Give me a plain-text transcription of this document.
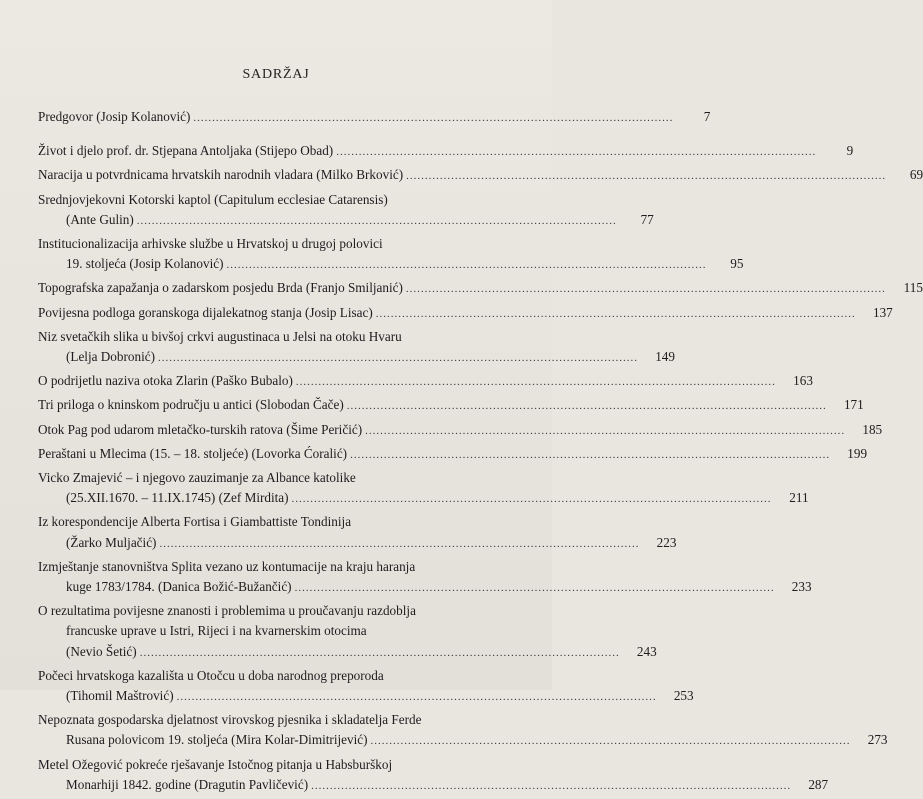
SADRŽAJ
Predgovor (Josip Kolanović) ................................................................................................................................	7
Život i djelo prof. dr. Stjepana Antoljaka (Stijepo Obad) ................................................................................................................................	9
Naracija u potvrdnicama hrvatskih narodnih vladara (Milko Brković) ................................................................................................................................	69
Srednjovjekovni Kotorski kaptol (Capitulum ecclesiae Catarensis)
(Ante Gulin) ................................................................................................................................	77
Institucionalizacija arhivske službe u Hrvatskoj u drugoj polovici
19. stoljeća (Josip Kolanović) ................................................................................................................................	95
Topografska zapažanja o zadarskom posjedu Brda (Franjo Smiljanić) ................................................................................................................................	115
Povijesna podloga goranskoga dijalekatnog stanja (Josip Lisac) ................................................................................................................................	137
Niz svetačkih slika u bivšoj crkvi augustinaca u Jelsi na otoku Hvaru
(Lelja Dobronić) ................................................................................................................................	149
O podrijetlu naziva otoka Zlarin (Paško Bubalo) ................................................................................................................................	163
Tri priloga o kninskom području u antici (Slobodan Čače) ................................................................................................................................	171
Otok Pag pod udarom mletačko-turskih ratova (Šime Peričić) ................................................................................................................................	185
Peraštani u Mlecima (15. – 18. stoljeće) (Lovorka Ćoralić) ................................................................................................................................	199
Vicko Zmajević – i njegovo zauzimanje za Albance katolike
(25.XII.1670. – 11.IX.1745) (Zef Mirdita) ................................................................................................................................	211
Iz korespondencije Alberta Fortisa i Giambattiste Tondinija
(Žarko Muljačić) ................................................................................................................................	223
Izmještanje stanovništva Splita vezano uz kontumacije na kraju haranja
kuge 1783/1784. (Danica Božić-Bužančić) ................................................................................................................................	233
O rezultatima povijesne znanosti i problemima u proučavanju razdoblja
francuske uprave u Istri, Rijeci i na kvarnerskim otocima
(Nevio Šetić) ................................................................................................................................	243
Počeci hrvatskoga kazališta u Otočcu u doba narodnog preporoda
(Tihomil Maštrović) ................................................................................................................................	253
Nepoznata gospodarska djelatnost virovskog pjesnika i skladatelja Ferde
Rusana polovicom 19. stoljeća (Mira Kolar-Dimitrijević) ................................................................................................................................	273
Metel Ožegović pokreće rješavanje Istočnog pitanja u Habsburškoj
Monarhiji 1842. godine (Dragutin Pavličević) ................................................................................................................................	287
